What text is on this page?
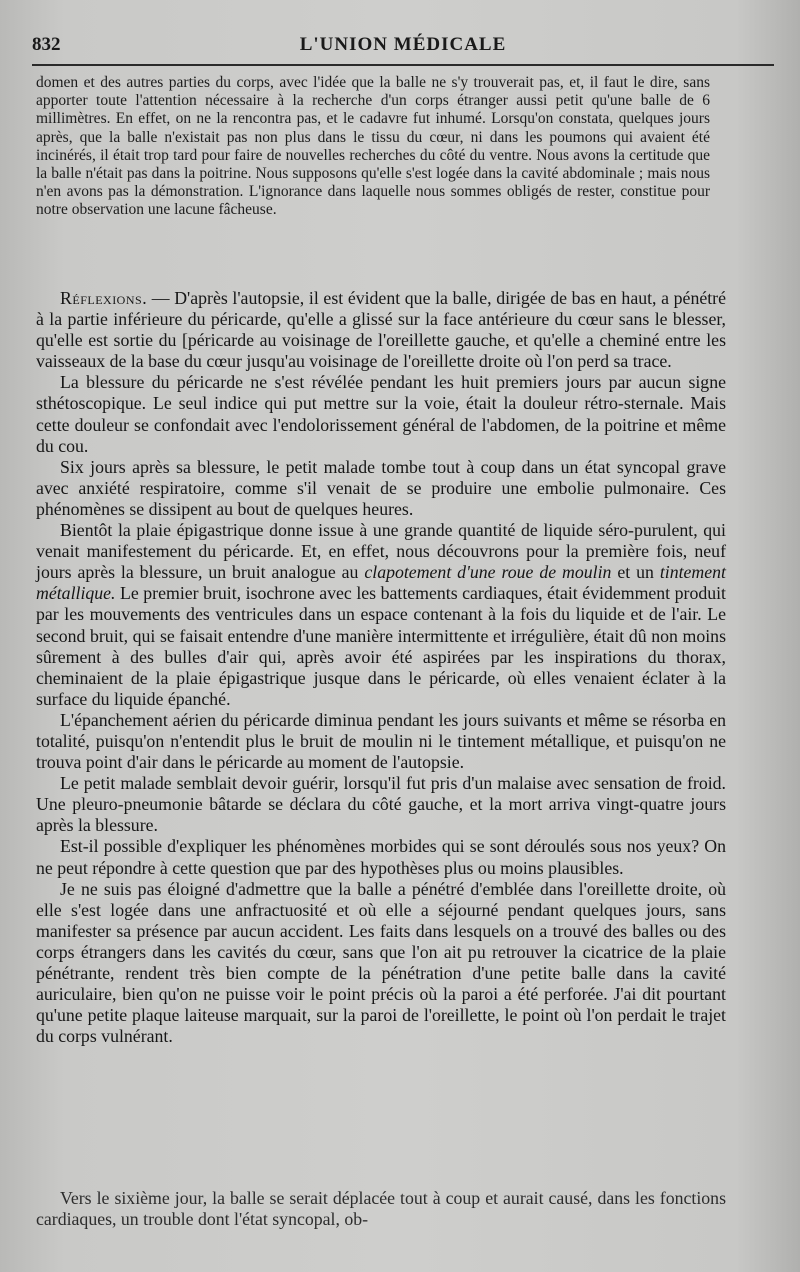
832	L'UNION MÉDICALE

domen et des autres parties du corps, avec l'idée que la balle ne s'y trouverait pas, et, il faut le dire, sans apporter toute l'attention nécessaire à la recherche d'un corps étranger aussi petit qu'une balle de 6 millimètres. En effet, on ne la rencontra pas, et le cadavre fut inhumé. Lorsqu'on constata, quelques jours après, que la balle n'existait pas non plus dans le tissu du cœur, ni dans les poumons qui avaient été incinérés, il était trop tard pour faire de nouvelles recherches du côté du ventre. Nous avons la certitude que la balle n'était pas dans la poitrine. Nous supposons qu'elle s'est logée dans la cavité abdominale ; mais nous n'en avons pas la démonstration. L'ignorance dans laquelle nous sommes obligés de rester, constitue pour notre observation une lacune fâcheuse.

Réflexions. — D'après l'autopsie, il est évident que la balle, dirigée de bas en haut, a pénétré à la partie inférieure du péricarde, qu'elle a glissé sur la face antérieure du cœur sans le blesser, qu'elle est sortie du [péricarde au voisinage de l'oreillette gauche, et qu'elle a cheminé entre les vaisseaux de la base du cœur jusqu'au voisinage de l'oreillette droite où l'on perd sa trace.

La blessure du péricarde ne s'est révélée pendant les huit premiers jours par aucun signe sthétoscopique. Le seul indice qui put mettre sur la voie, était la douleur rétro-sternale. Mais cette douleur se confondait avec l'endolorissement général de l'abdomen, de la poitrine et même du cou.

Six jours après sa blessure, le petit malade tombe tout à coup dans un état syncopal grave avec anxiété respiratoire, comme s'il venait de se produire une embolie pulmonaire. Ces phénomènes se dissipent au bout de quelques heures.

Bientôt la plaie épigastrique donne issue à une grande quantité de liquide séro-purulent, qui venait manifestement du péricarde. Et, en effet, nous découvrons pour la première fois, neuf jours après la blessure, un bruit analogue au clapotement d'une roue de moulin et un tintement métallique. Le premier bruit, isochrone avec les battements cardiaques, était évidemment produit par les mouvements des ventricules dans un espace contenant à la fois du liquide et de l'air. Le second bruit, qui se faisait entendre d'une manière intermittente et irrégulière, était dû non moins sûrement à des bulles d'air qui, après avoir été aspirées par les inspirations du thorax, cheminaient de la plaie épigastrique jusque dans le péricarde, où elles venaient éclater à la surface du liquide épanché.

L'épanchement aérien du péricarde diminua pendant les jours suivants et même se résorba en totalité, puisqu'on n'entendit plus le bruit de moulin ni le tintement métallique, et puisqu'on ne trouva point d'air dans le péricarde au moment de l'autopsie.

Le petit malade semblait devoir guérir, lorsqu'il fut pris d'un malaise avec sensation de froid. Une pleuro-pneumonie bâtarde se déclara du côté gauche, et la mort arriva vingt-quatre jours après la blessure.

Est-il possible d'expliquer les phénomènes morbides qui se sont déroulés sous nos yeux? On ne peut répondre à cette question que par des hypothèses plus ou moins plausibles.

Je ne suis pas éloigné d'admettre que la balle a pénétré d'emblée dans l'oreillette droite, où elle s'est logée dans une anfractuosité et où elle a séjourné pendant quelques jours, sans manifester sa présence par aucun accident. Les faits dans lesquels on a trouvé des balles ou des corps étrangers dans les cavités du cœur, sans que l'on ait pu retrouver la cicatrice de la plaie pénétrante, rendent très bien compte de la pénétration d'une petite balle dans la cavité auriculaire, bien qu'on ne puisse voir le point précis où la paroi a été perforée. J'ai dit pourtant qu'une petite plaque laiteuse marquait, sur la paroi de l'oreillette, le point où l'on perdait le trajet du corps vulnérant.

Vers le sixième jour, la balle se serait déplacée tout à coup et aurait causé, dans les fonctions cardiaques, un trouble dont l'état syncopal, ob-
